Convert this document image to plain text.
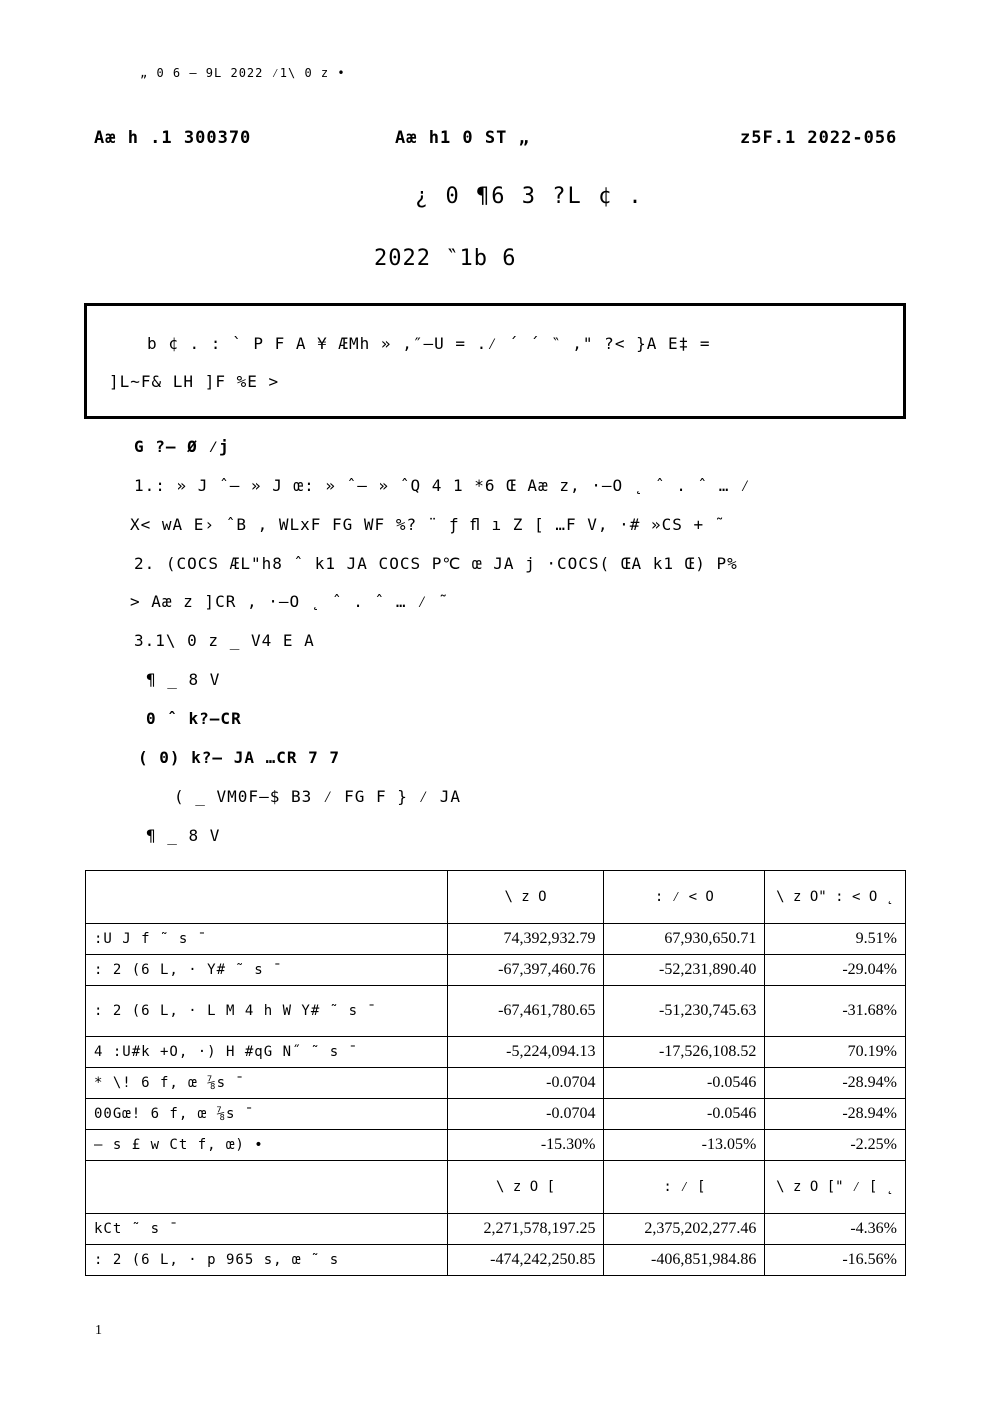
„ 0 6 – 9L 2022 ⁄1\ 0 z •
Aæ h .1 300370	Aæ h1 0 ST „	z5F.1 2022-056
¿ 0 ¶6 3 ?L ¢ .
2022 ‶1b 6
b ¢ . : ` P F A ¥ ÆMh » ,″–U = .⁄ ´ ´ ‶ ," ?< }A E‡ =
]L~F& LH ]F %E >
G ?– Ø ⁄j
1.: » J ˆ– » J œ: » ˆ– » ˆQ 4 1 *6 Œ Aæ z, ·–O ˛ ˆ . ˆ … ⁄
X< wA E› ˆB , WLxF FG WF %? ¨ ƒ ﬂ ı Z [ …F V, ·# »CS + ˜
2. (COCS ÆL"h8 ˆ k1 JA COCS P℃ œ JA j ·COCS( ŒA k1 Œ) P%
> Aæ z ]CR , ·–O ˛ ˆ . ˆ … ⁄ ˜
3.1\ 0 z _ V4 E A
¶ _ 8 V
0 ˆ k?–CR
( 0) k?– JA …CR 7 7
( _ VM0F–$ B3 ⁄ FG F } ⁄ JA
¶ _ 8 V
	\ z O	: ⁄ < O	\ z O" : < O ˛
:U J f ˜ s ˉ	74,392,932.79	67,930,650.71	9.51%
: 2 (6 L, · Y# ˜ s ˉ	-67,397,460.76	-52,231,890.40	-29.04%
: 2 (6 L, · L M 4 h W Y# ˜ s ˉ	-67,461,780.65	-51,230,745.63	-31.68%
4 :U#k +O, ·) H #qG N˝ ˜ s ˉ	-5,224,094.13	-17,526,108.52	70.19%
* \! 6 f, œ ⅞s ˉ	-0.0704	-0.0546	-28.94%
00Gœ! 6 f, œ ⅞s ˉ	-0.0704	-0.0546	-28.94%
– s £ w Ct f, œ) •	-15.30%	-13.05%	-2.25%
	\ z O [	: ⁄ [	\ z O [" ⁄ [ ˛
kCt ˜ s ˉ	2,271,578,197.25	2,375,202,277.46	-4.36%
: 2 (6 L, · p 965 s, œ ˜ s	-474,242,250.85	-406,851,984.86	-16.56%
1
